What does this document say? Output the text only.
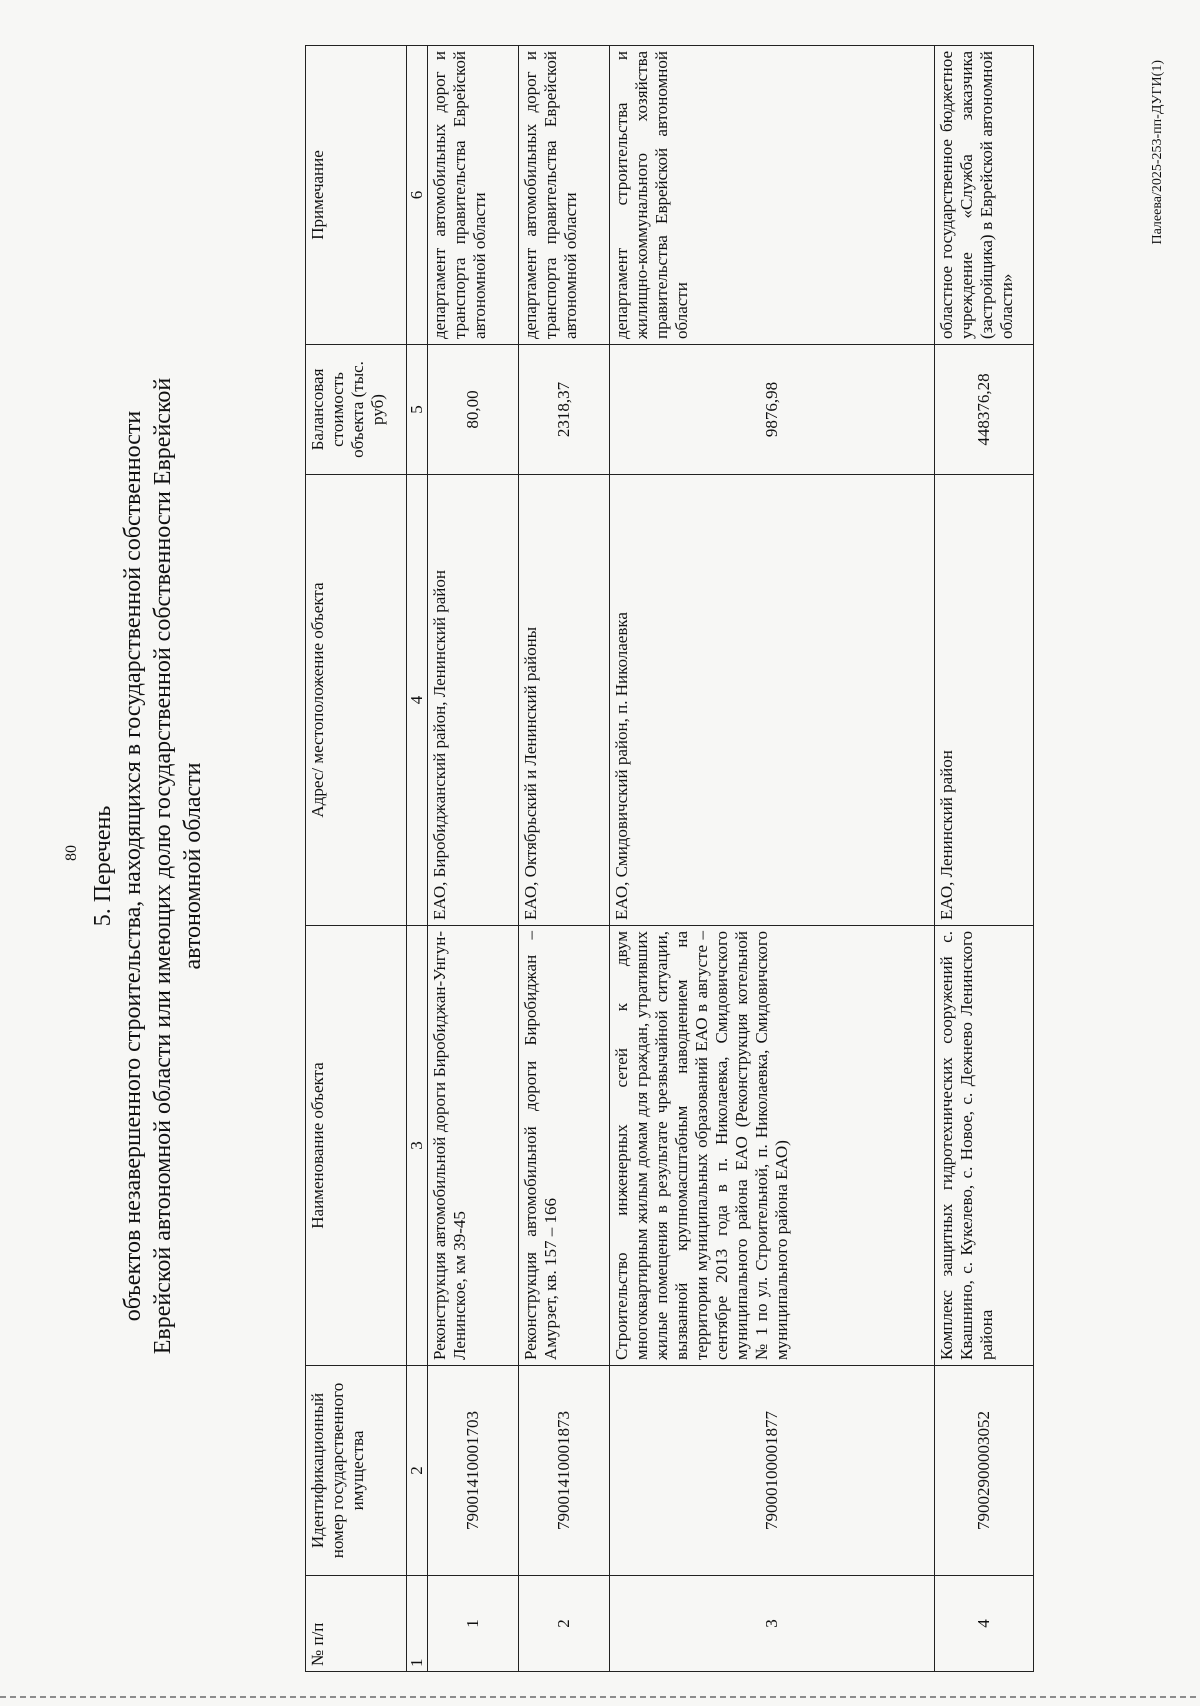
80 5. Перечень объектов незавершенного строительства, находящихся в государственной собственности Еврейской автономной области или имеющих долю государственной собственности Еврейской автономной области
№ п/п	Идентификационный номер государственного имущества	Наименование объекта	Адрес/ местоположение объекта	Балансовая стоимость объекта (тыс. руб)	Примечание
1	2	3	4	5	6
1	79001410001703	Реконструкция автомобильной дороги Биробиджан-Унгун-Ленинское, км 39-45	ЕАО, Биробиджанский район, Ленинский район	80,00	департамент автомобильных дорог и транспорта правительства Еврейской автономной области
2	79001410001873	Реконструкция автомобильной дороги Биробиджан – Амурзет, кв. 157 – 166	ЕАО, Октябрьский и Ленинский районы	2318,37	департамент автомобильных дорог и транспорта правительства Еврейской автономной области
3	79000100001877	Строительство инженерных сетей к двум многоквартирным жилым домам для граждан, утративших жилые помещения в результате чрезвычайной ситуации, вызванной крупномасштабным наводнением на территории муниципальных образований ЕАО в августе –сентябре 2013 года в п. Николаевка, Смидовичского муниципального района ЕАО (Реконструкция котельной № 1 по ул. Строительной, п. Николаевка, Смидовичского муниципального района ЕАО)	ЕАО, Смидовичский район, п. Николаевка	9876,98	департамент строительства и жилищно-коммунального хозяйства правительства Еврейской автономной области
4	79002900003052	Комплекс защитных гидротехнических сооружений с. Квашнино, с. Кукелево, с. Новое, с. Дежнево Ленинского района	ЕАО, Ленинский район	448376,28	областное государственное бюджетное учреждение «Служба заказчика (застройщика) в Еврейской автономной области»
Палеева/2025-253-пп-ДУГИ(1)
